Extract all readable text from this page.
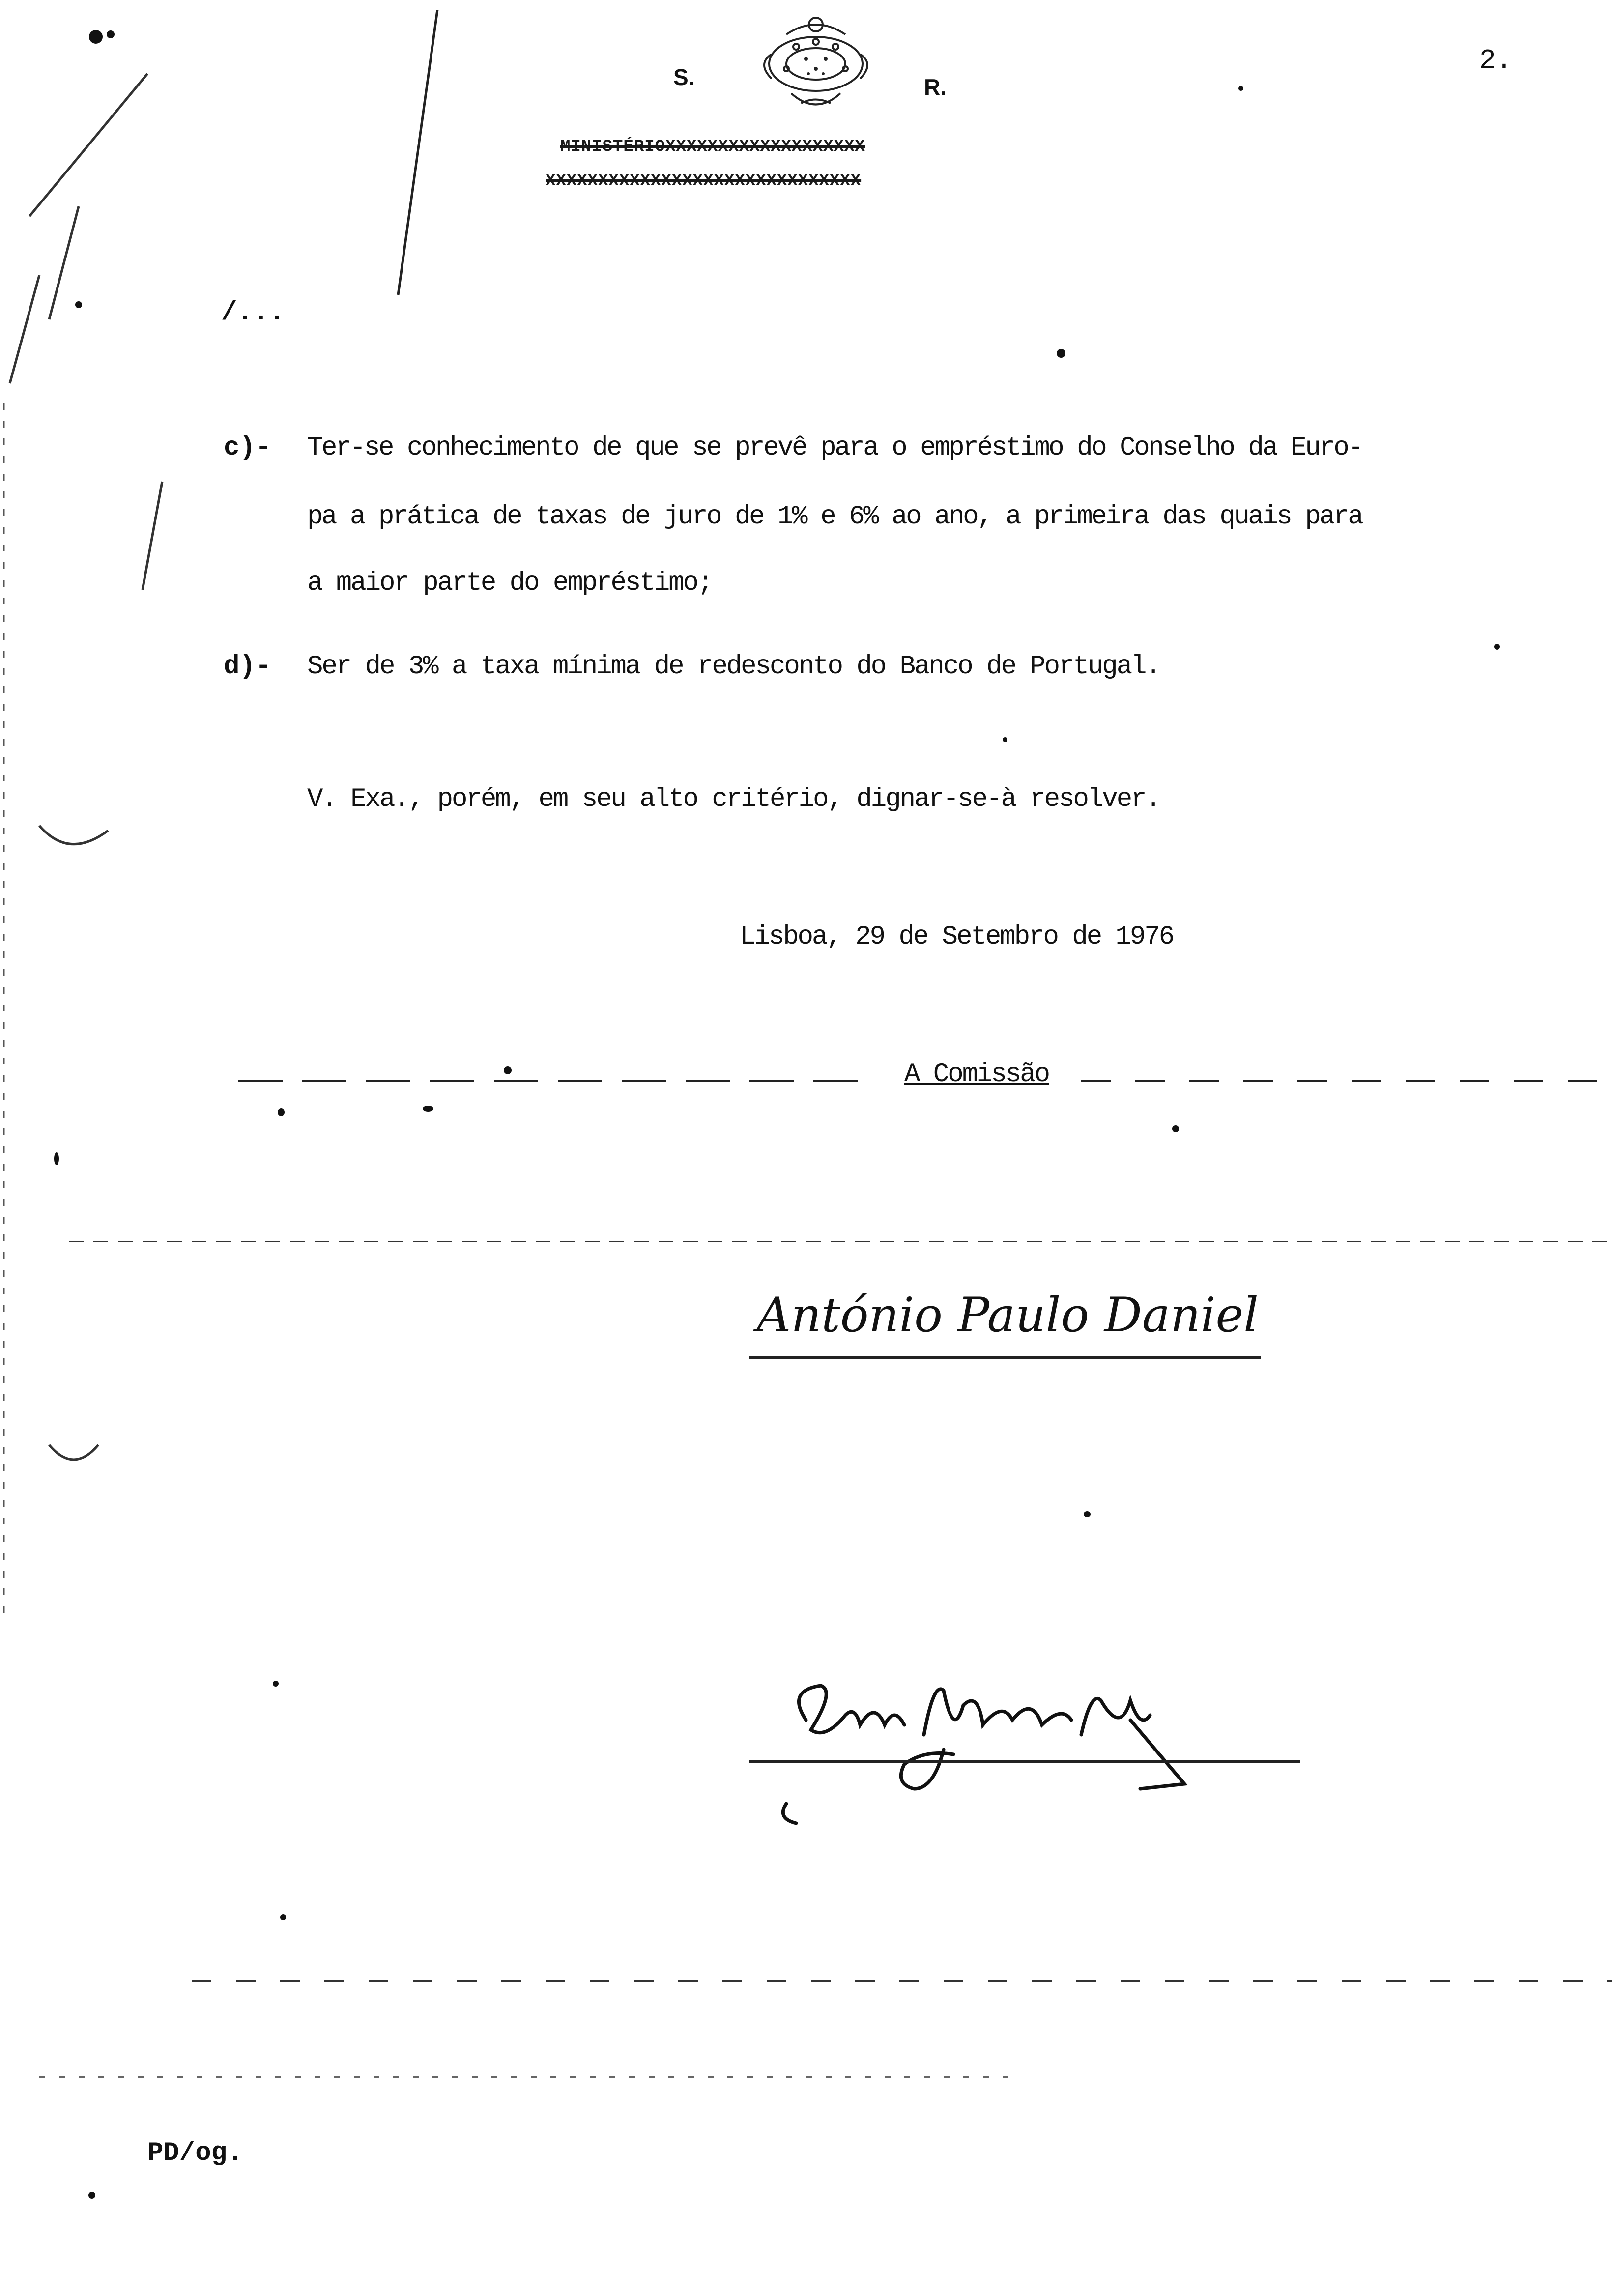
2.
S.	R.
MINISTÉRIOXXXXXXXXXXXXXXXXXXX
XXXXXXXXXXXXXXXXXXXXXXXXXXXXXX
/...
c)- Ter-se conhecimento de que se prevê para o empréstimo do Conselho da Euro-
pa a prática de taxas de juro de 1% e 6% ao ano, a primeira das quais para
a maior parte do empréstimo;
d)- Ser de 3% a taxa mínima de redesconto do Banco de Portugal.
V. Exa., porém, em seu alto critério, dignar-se-à resolver.
Lisboa, 29 de Setembro de 1976
A Comissão
António Paulo Daniel
PD/og.
